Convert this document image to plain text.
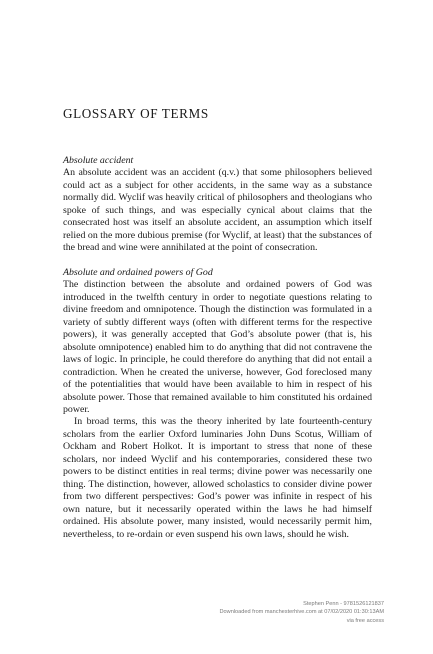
GLOSSARY OF TERMS

Absolute accident

An absolute accident was an accident (q.v.) that some philosophers believed could act as a subject for other accidents, in the same way as a substance normally did. Wyclif was heavily critical of philosophers and theologians who spoke of such things, and was especially cynical about claims that the consecrated host was itself an absolute accident, an assumption which itself relied on the more dubious premise (for Wyclif, at least) that the substances of the bread and wine were annihilated at the point of consecration.

Absolute and ordained powers of God

The distinction between the absolute and ordained powers of God was introduced in the twelfth century in order to negotiate questions relating to divine freedom and omnipotence. Though the distinction was formulated in a variety of subtly different ways (often with different terms for the respective powers), it was generally accepted that God’s absolute power (that is, his absolute omnipotence) enabled him to do anything that did not contravene the laws of logic. In principle, he could therefore do anything that did not entail a contradiction. When he created the universe, however, God foreclosed many of the potentialities that would have been available to him in respect of his absolute power. Those that remained available to him constituted his ordained power.

In broad terms, this was the theory inherited by late fourteenth-century scholars from the earlier Oxford luminaries John Duns Scotus, William of Ockham and Robert Holkot. It is important to stress that none of these scholars, nor indeed Wyclif and his contemporaries, considered these two powers to be distinct entities in real terms; divine power was necessarily one thing. The distinction, however, allowed scholastics to consider divine power from two different perspectives: God’s power was infinite in respect of his own nature, but it necessarily operated within the laws he had himself ordained. His absolute power, many insisted, would necessarily permit him, nevertheless, to re-ordain or even suspend his own laws, should he wish.

Stephen Penn - 9781526121837
Downloaded from manchesterhive.com at 07/02/2020 01:30:13AM
via free access
